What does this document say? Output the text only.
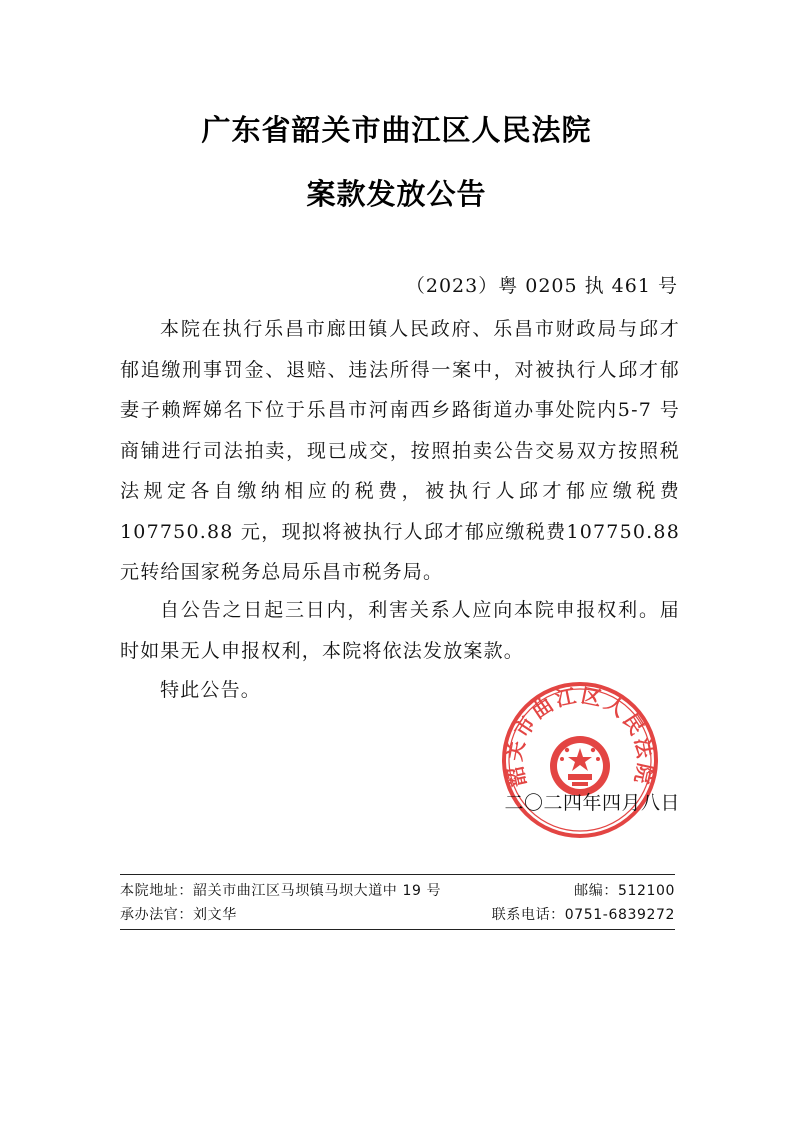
广东省韶关市曲江区人民法院
案款发放公告
（2023）粤 0205 执 461 号

本院在执行乐昌市廊田镇人民政府、乐昌市财政局与邱才郁追缴刑事罚金、退赔、违法所得一案中，对被执行人邱才郁妻子赖辉娣名下位于乐昌市河南西乡路街道办事处院内5-7 号商铺进行司法拍卖，现已成交，按照拍卖公告交易双方按照税法规定各自缴纳相应的税费，被执行人邱才郁应缴税费 107750.88 元，现拟将被执行人邱才郁应缴税费107750.88 元转给国家税务总局乐昌市税务局。

自公告之日起三日内，利害关系人应向本院申报权利。届时如果无人申报权利，本院将依法发放案款。

特此公告。

韶关市曲江区人民法院
二〇二四年四月八日
本院地址：韶关市曲江区马坝镇马坝大道中 19 号	邮编：512100
承办法官：刘文华	联系电话：0751-6839272
